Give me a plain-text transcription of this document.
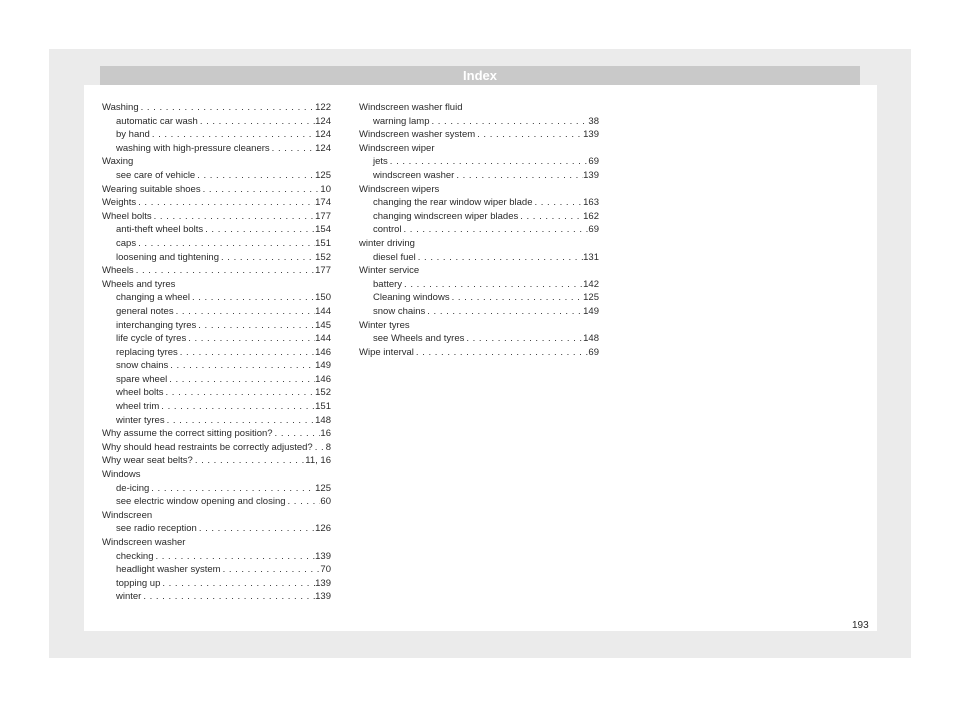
Index
Washing . . .	122
automatic car wash . . .	124
by hand . . .	124
washing with high-pressure cleaners . . .	124
Waxing
see care of vehicle . . .	125
Wearing suitable shoes . . .	10
Weights . . .	174
Wheel bolts . . .	177
anti-theft wheel bolts . . .	154
caps . . .	151
loosening and tightening . . .	152
Wheels . . .	177
Wheels and tyres
changing a wheel . . .	150
general notes . . .	144
interchanging tyres . . .	145
life cycle of tyres . . .	144
replacing tyres . . .	146
snow chains . . .	149
spare wheel . . .	146
wheel bolts . . .	152
wheel trim . . .	151
winter tyres . . .	148
Why assume the correct sitting position? . . .	16
Why should head restraints be correctly adjusted? . . . 8
Why wear seat belts? . . .	11, 16
Windows
de-icing . . .	125
see electric window opening and closing . . .	60
Windscreen
see radio reception . . .	126
Windscreen washer
checking . . .	139
headlight washer system . . .	70
topping up . . .	139
winter . . .	139
Windscreen washer fluid
warning lamp . . .	38
Windscreen washer system . . .	139
Windscreen wiper
jets . . .	69
windscreen washer . . .	139
Windscreen wipers
changing the rear window wiper blade . . .	163
changing windscreen wiper blades . . .	162
control . . .	69
winter driving
diesel fuel . . .	131
Winter service
battery . . .	142
Cleaning windows . . .	125
snow chains . . .	149
Winter tyres
see Wheels and tyres . . .	148
Wipe interval . . .	69
193
